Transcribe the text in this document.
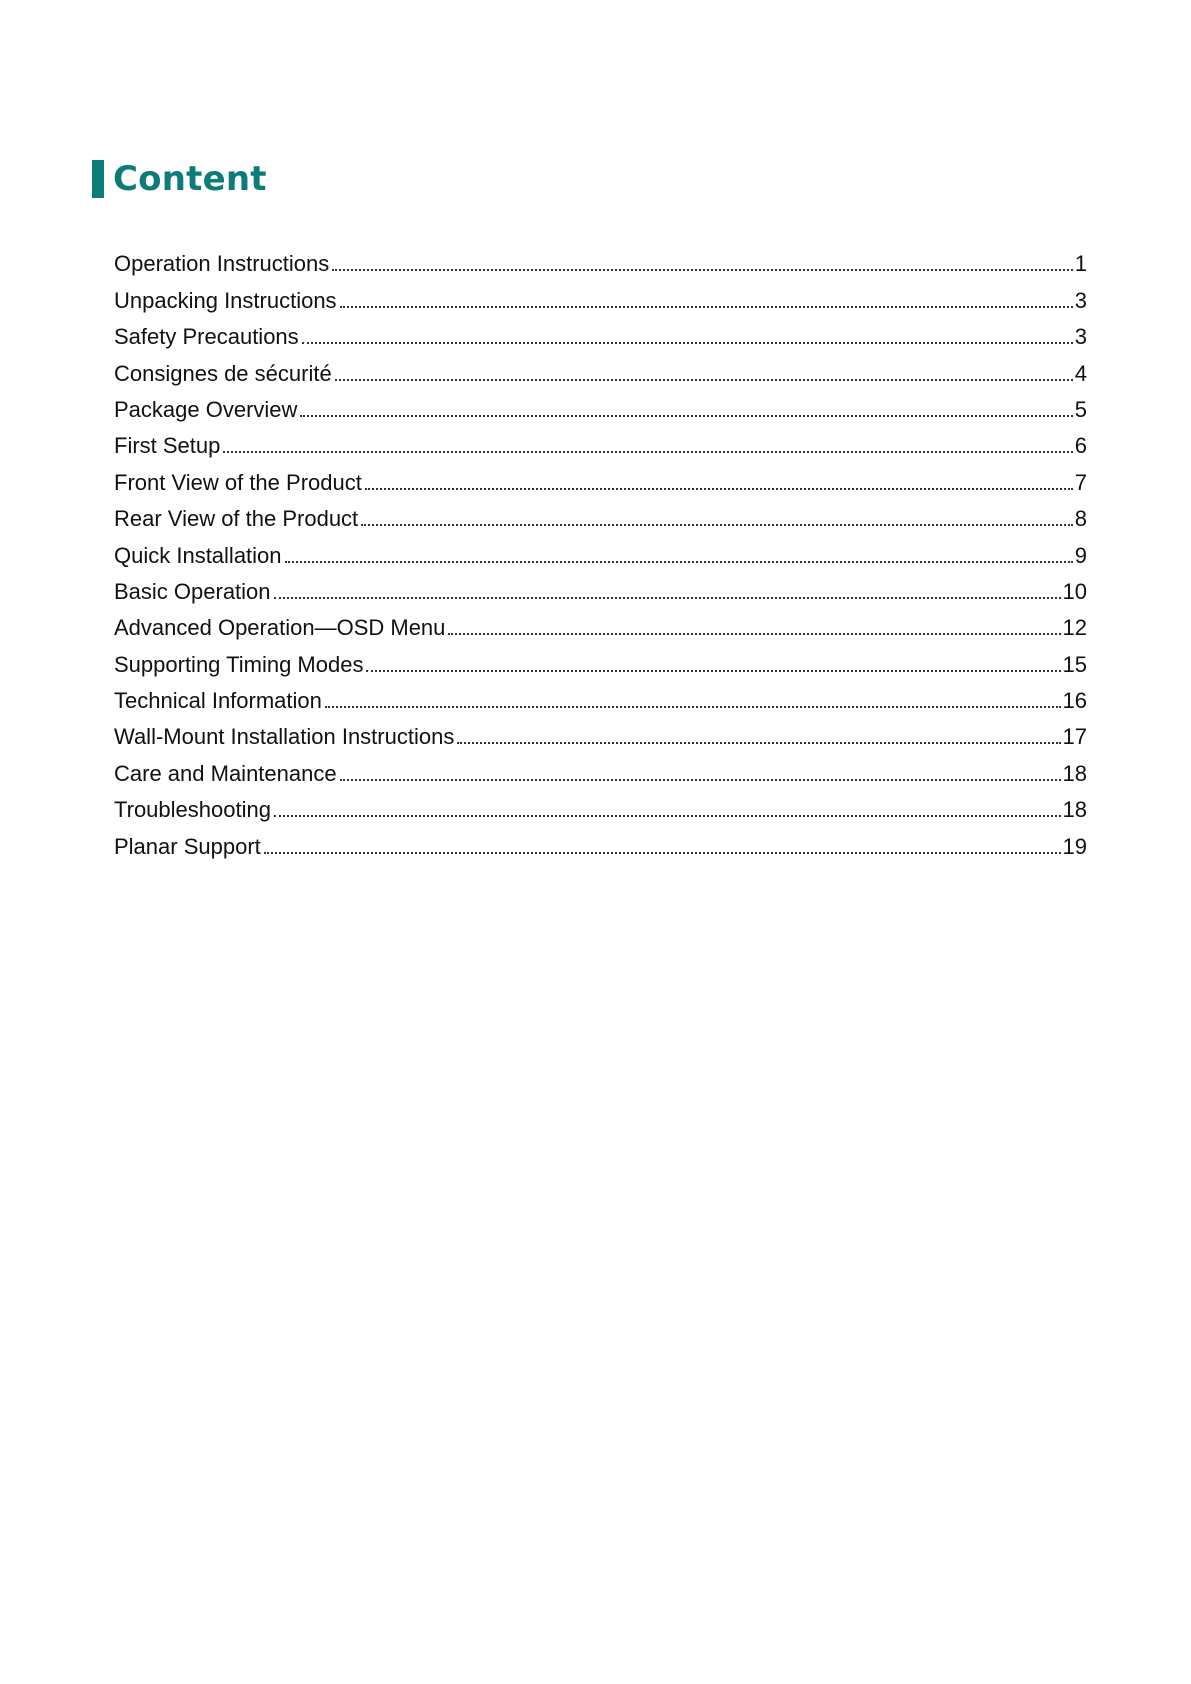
Content
Operation Instructions	1
Unpacking Instructions	3
Safety Precautions	3
Consignes de sécurité	4
Package Overview	5
First Setup	6
Front View of the Product	7
Rear View of the Product	8
Quick Installation	9
Basic Operation	10
Advanced Operation—OSD Menu	12
Supporting Timing Modes	15
Technical Information	16
Wall-Mount Installation Instructions	17
Care and Maintenance	18
Troubleshooting	18
Planar Support	19
